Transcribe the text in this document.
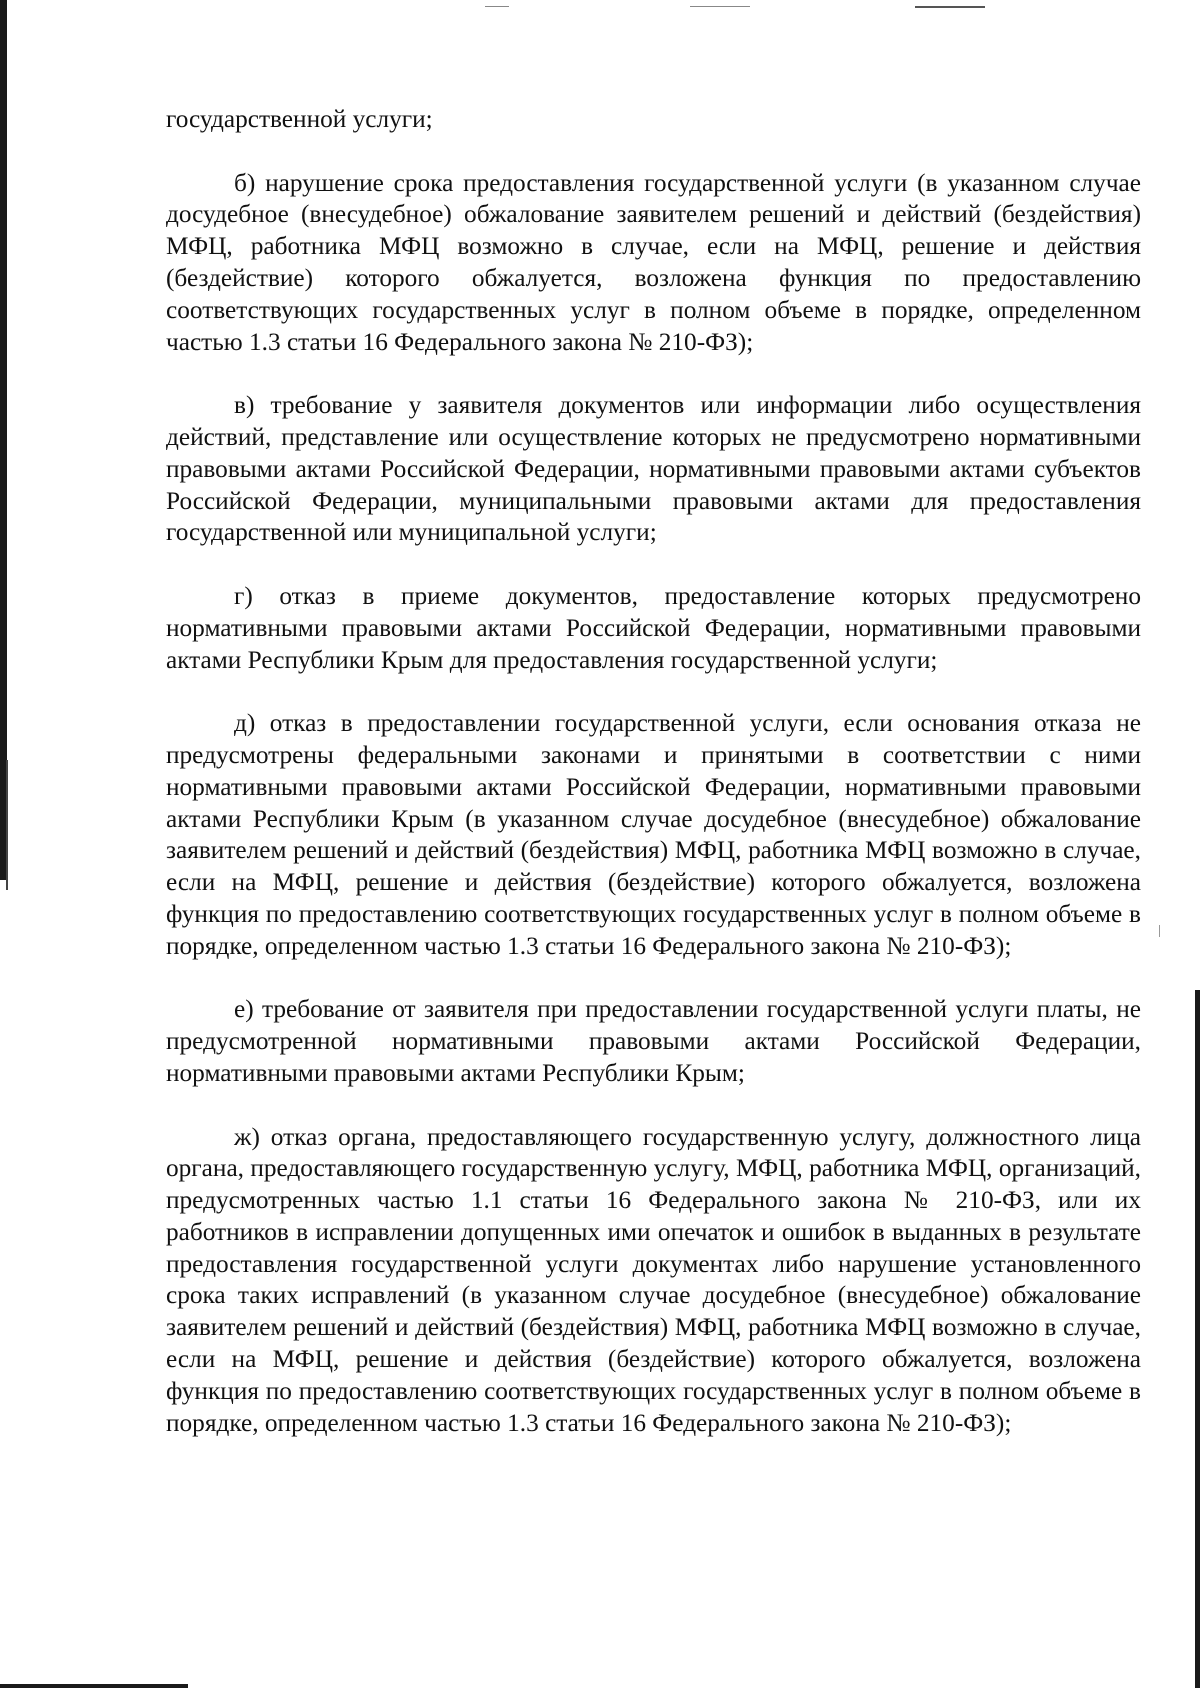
государственной услуги;

б) нарушение срока предоставления государственной услуги (в указанном случае досудебное (внесудебное) обжалование заявителем решений и действий (бездействия) МФЦ, работника МФЦ возможно в случае, если на МФЦ, решение и действия (бездействие) которого обжалуется, возложена функция по предоставлению соответствующих государственных услуг в полном объеме в порядке, определенном частью 1.3 статьи 16 Федерального закона № 210-ФЗ);

в) требование у заявителя документов или информации либо осуществления действий, представление или осуществление которых не предусмотрено нормативными правовыми актами Российской Федерации, нормативными правовыми актами субъектов Российской Федерации, муниципальными правовыми актами для предоставления государственной или муниципальной услуги;

г) отказ в приеме документов, предоставление которых предусмотрено нормативными правовыми актами Российской Федерации, нормативными правовыми актами Республики Крым для предоставления государственной услуги;

д) отказ в предоставлении государственной услуги, если основания отказа не предусмотрены федеральными законами и принятыми в соответствии с ними нормативными правовыми актами Российской Федерации, нормативными правовыми актами Республики Крым (в указанном случае досудебное (внесудебное) обжалование заявителем решений и действий (бездействия) МФЦ, работника МФЦ возможно в случае, если на МФЦ, решение и действия (бездействие) которого обжалуется, возложена функция по предоставлению соответствующих государственных услуг в полном объеме в порядке, определенном частью 1.3 статьи 16 Федерального закона № 210-ФЗ);

е) требование от заявителя при предоставлении государственной услуги платы, не предусмотренной нормативными правовыми актами Российской Федерации, нормативными правовыми актами Республики Крым;

ж) отказ органа, предоставляющего государственную услугу, должностного лица органа, предоставляющего государственную услугу, МФЦ, работника МФЦ, организаций, предусмотренных частью 1.1 статьи 16 Федерального закона № 210-ФЗ, или их работников в исправлении допущенных ими опечаток и ошибок в выданных в результате предоставления государственной услуги документах либо нарушение установленного срока таких исправлений (в указанном случае досудебное (внесудебное) обжалование заявителем решений и действий (бездействия) МФЦ, работника МФЦ возможно в случае, если на МФЦ, решение и действия (бездействие) которого обжалуется, возложена функция по предоставлению соответствующих государственных услуг в полном объеме в порядке, определенном частью 1.3 статьи 16 Федерального закона № 210-ФЗ);
